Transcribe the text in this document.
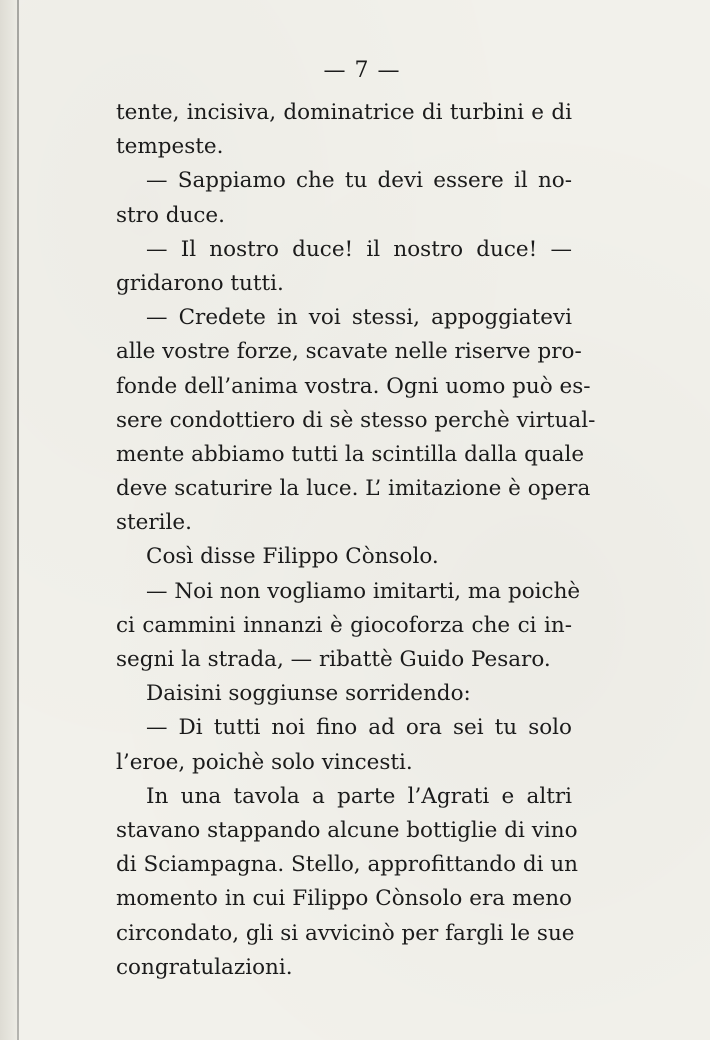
— 7 —
tente, incisiva, dominatrice di turbini e di
tempeste.
— Sappiamo che tu devi essere il no-
stro duce.
— Il nostro duce! il nostro duce! —
gridarono tutti.
— Credete in voi stessi, appoggiatevi
alle vostre forze, scavate nelle riserve pro-
fonde dell’anima vostra. Ogni uomo può es-
sere condottiero di sè stesso perchè virtual-
mente abbiamo tutti la scintilla dalla quale
deve scaturire la luce. L’ imitazione è opera
sterile.
Così disse Filippo Cònsolo.
— Noi non vogliamo imitarti, ma poichè
ci cammini innanzi è giocoforza che ci in-
segni la strada, — ribattè Guido Pesaro.
Daisini soggiunse sorridendo:
— Di tutti noi fino ad ora sei tu solo
l’eroe, poichè solo vincesti.
In una tavola a parte l’Agrati e altri
stavano stappando alcune bottiglie di vino
di Sciampagna. Stello, approfittando di un
momento in cui Filippo Cònsolo era meno
circondato, gli si avvicinò per fargli le sue
congratulazioni.
